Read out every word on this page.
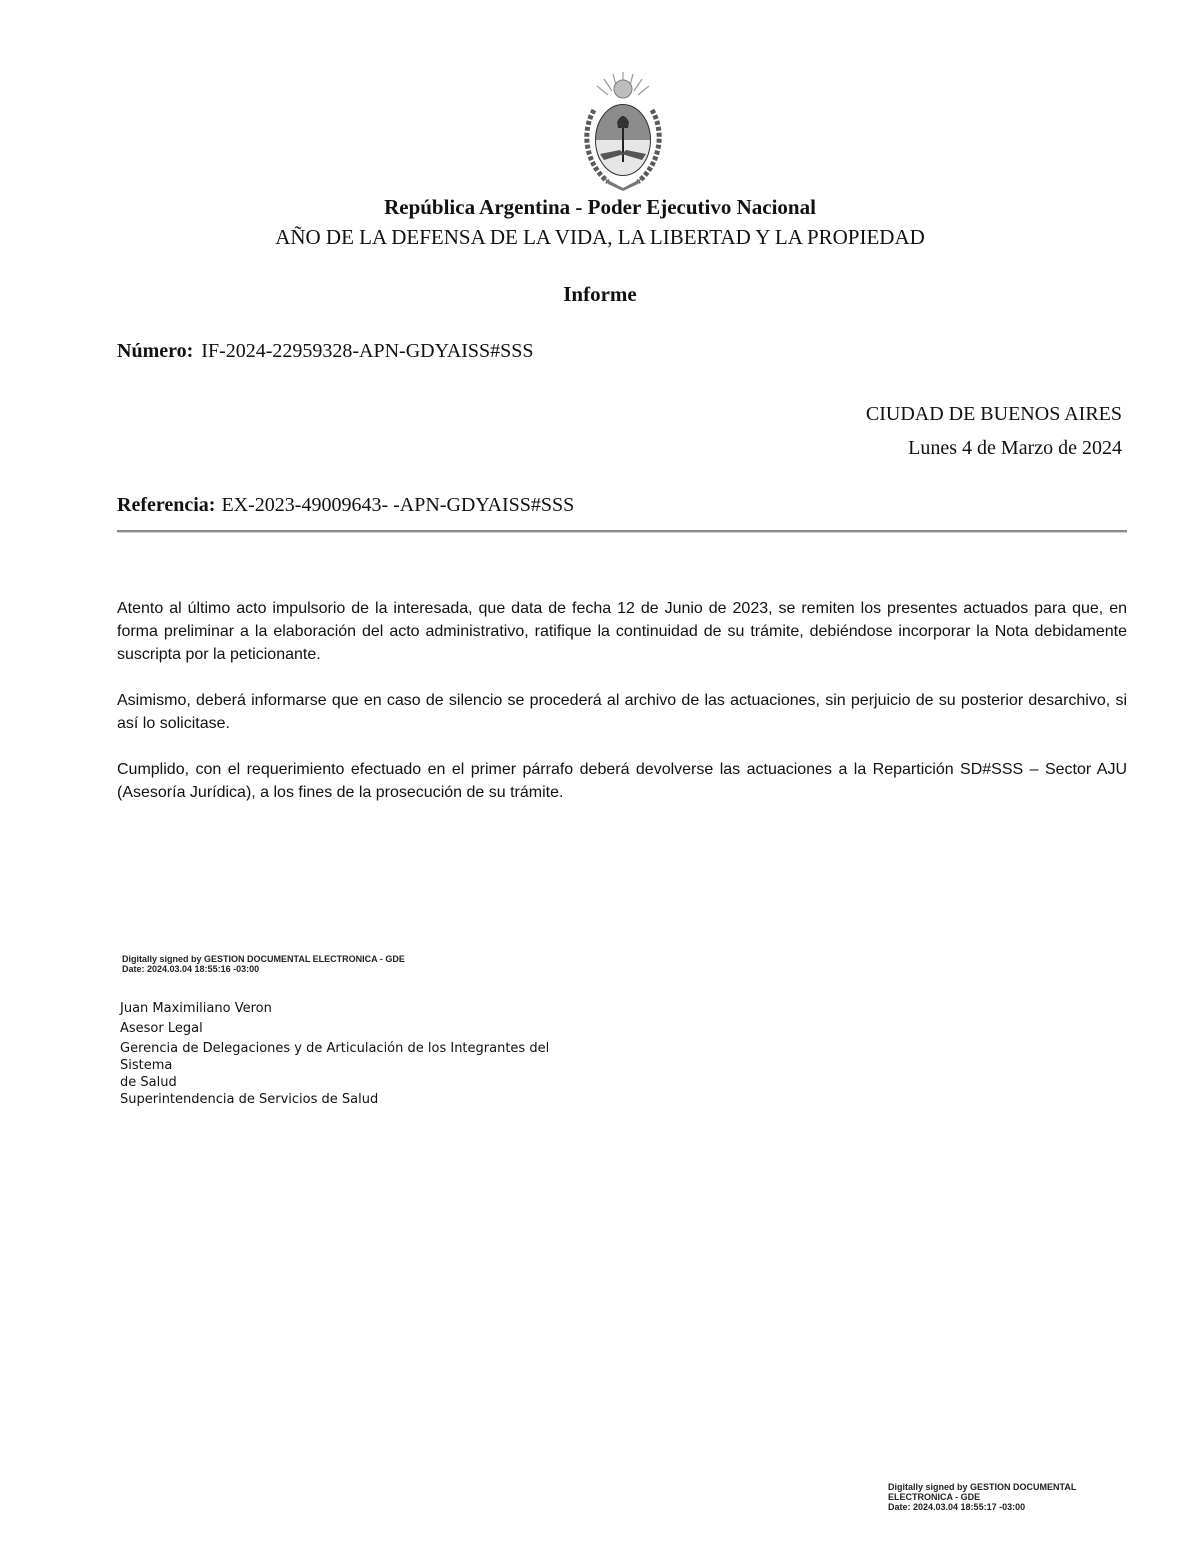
República Argentina - Poder Ejecutivo Nacional
AÑO DE LA DEFENSA DE LA VIDA, LA LIBERTAD Y LA PROPIEDAD
Informe
Número: IF-2024-22959328-APN-GDYAISS#SSS
CIUDAD DE BUENOS AIRES
Lunes 4 de Marzo de 2024
Referencia: EX-2023-49009643- -APN-GDYAISS#SSS

Atento al último acto impulsorio de la interesada, que data de fecha 12 de Junio de 2023, se remiten los presentes actuados para que, en forma preliminar a la elaboración del acto administrativo, ratifique la continuidad de su trámite, debiéndose incorporar la Nota debidamente suscripta por la peticionante.

Asimismo, deberá informarse que en caso de silencio se procederá al archivo de las actuaciones, sin perjuicio de su posterior desarchivo, si así lo solicitase.

Cumplido, con el requerimiento efectuado en el primer párrafo deberá devolverse las actuaciones a la Repartición SD#SSS – Sector AJU (Asesoría Jurídica), a los fines de la prosecución de su trámite.

Digitally signed by GESTION DOCUMENTAL ELECTRONICA - GDE
Date: 2024.03.04 18:55:16 -03:00
Juan Maximiliano Veron
Asesor Legal
Gerencia de Delegaciones y de Articulación de los Integrantes del Sistema
de Salud
Superintendencia de Servicios de Salud
Digitally signed by GESTION DOCUMENTAL
ELECTRONICA - GDE
Date: 2024.03.04 18:55:17 -03:00
